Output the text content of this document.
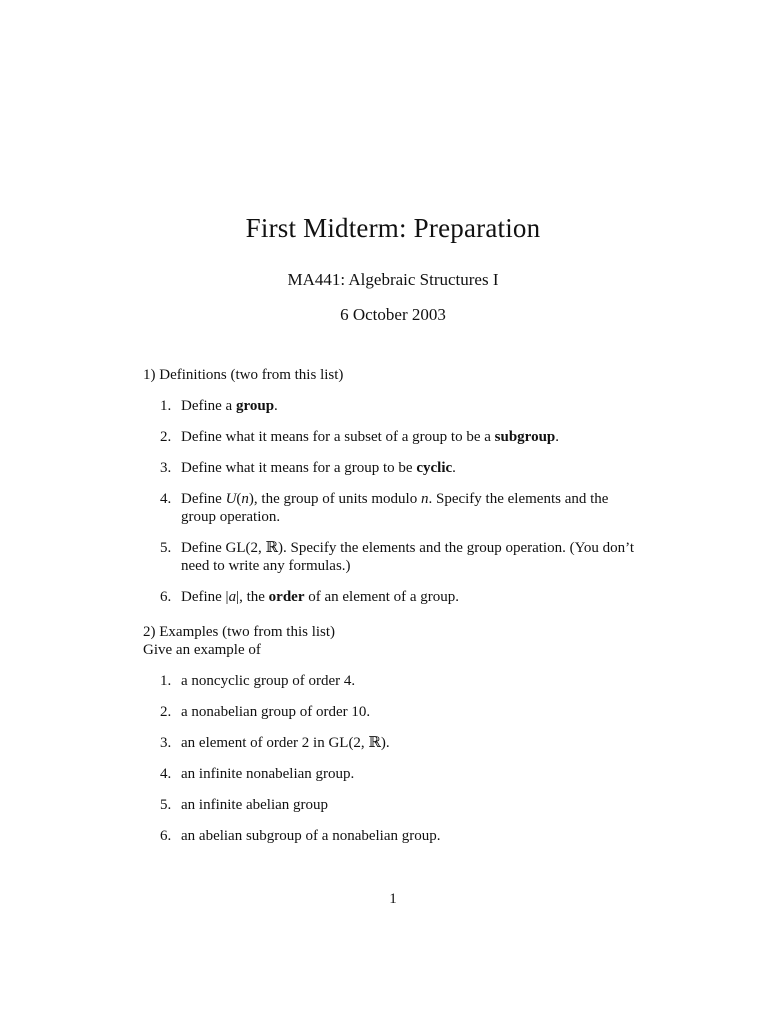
First Midterm: Preparation
MA441: Algebraic Structures I
6 October 2003

1) Definitions (two from this list)

1. Define a group.
2. Define what it means for a subset of a group to be a subgroup.
3. Define what it means for a group to be cyclic.
4. Define U(n), the group of units modulo n. Specify the elements and the group operation.
5. Define GL(2, ℝ). Specify the elements and the group operation. (You don’t need to write any formulas.)
6. Define |a|, the order of an element of a group.

2) Examples (two from this list)

Give an example of

1. a noncyclic group of order 4.
2. a nonabelian group of order 10.
3. an element of order 2 in GL(2, ℝ).
4. an infinite nonabelian group.
5. an infinite abelian group
6. an abelian subgroup of a nonabelian group.
1
